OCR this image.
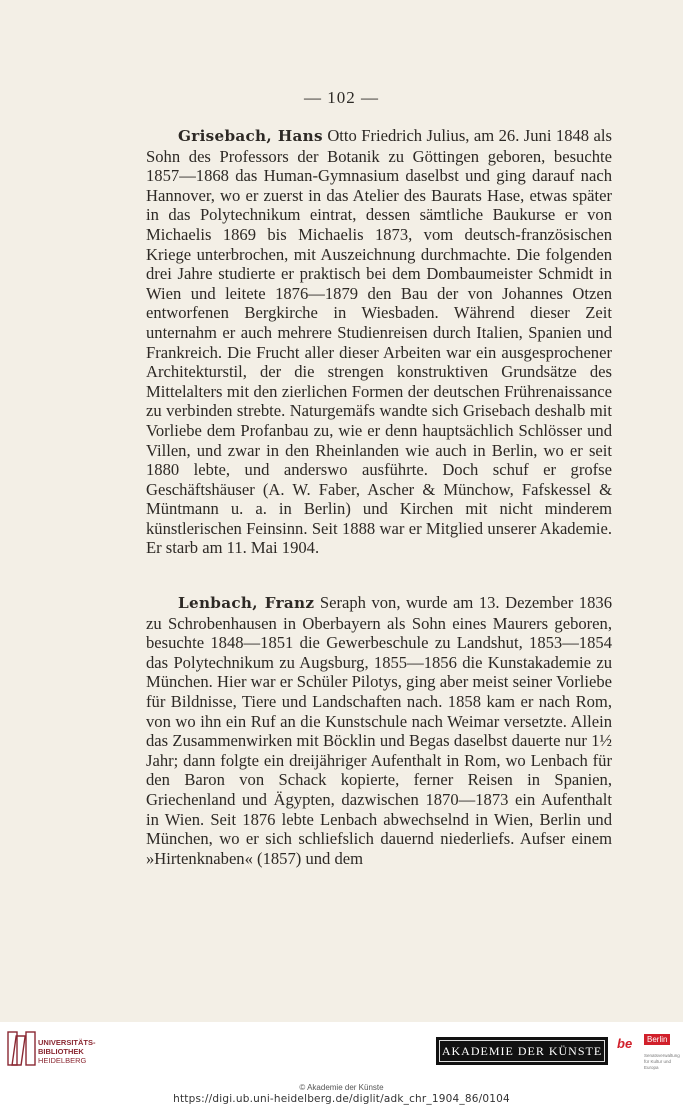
— 102 —

Grisebach, Hans Otto Friedrich Julius, am 26. Juni 1848 als Sohn des Professors der Botanik zu Göttingen geboren, besuchte 1857—1868 das Human-Gymnasium daselbst und ging darauf nach Hannover, wo er zuerst in das Atelier des Baurats Hase, etwas später in das Polytechnikum eintrat, dessen sämtliche Baukurse er von Michaelis 1869 bis Michaelis 1873, vom deutsch-französischen Kriege unterbrochen, mit Auszeichnung durchmachte. Die folgenden drei Jahre studierte er praktisch bei dem Dombaumeister Schmidt in Wien und leitete 1876—1879 den Bau der von Johannes Otzen entworfenen Bergkirche in Wiesbaden. Während dieser Zeit unternahm er auch mehrere Studienreisen durch Italien, Spanien und Frankreich. Die Frucht aller dieser Arbeiten war ein ausgesprochener Architekturstil, der die strengen konstruktiven Grundsätze des Mittelalters mit den zierlichen Formen der deutschen Frührenaissance zu verbinden strebte. Naturgemäfs wandte sich Grisebach deshalb mit Vorliebe dem Profanbau zu, wie er denn hauptsächlich Schlösser und Villen, und zwar in den Rheinlanden wie auch in Berlin, wo er seit 1880 lebte, und anderswo ausführte. Doch schuf er grofse Geschäftshäuser (A. W. Faber, Ascher & Münchow, Fafskessel & Müntmann u. a. in Berlin) und Kirchen mit nicht minderem künstlerischen Feinsinn. Seit 1888 war er Mitglied unserer Akademie. Er starb am 11. Mai 1904.

Lenbach, Franz Seraph von, wurde am 13. Dezember 1836 zu Schrobenhausen in Oberbayern als Sohn eines Maurers geboren, besuchte 1848—1851 die Gewerbeschule zu Landshut, 1853—1854 das Polytechnikum zu Augsburg, 1855—1856 die Kunstakademie zu München. Hier war er Schüler Pilotys, ging aber meist seiner Vorliebe für Bildnisse, Tiere und Landschaften nach. 1858 kam er nach Rom, von wo ihn ein Ruf an die Kunstschule nach Weimar versetzte. Allein das Zusammenwirken mit Böcklin und Begas daselbst dauerte nur 1½ Jahr; dann folgte ein dreijähriger Aufenthalt in Rom, wo Lenbach für den Baron von Schack kopierte, ferner Reisen in Spanien, Griechenland und Ägypten, dazwischen 1870—1873 ein Aufenthalt in Wien. Seit 1876 lebte Lenbach abwechselnd in Wien, Berlin und München, wo er sich schliefslich dauernd niederliefs. Aufser einem »Hirtenknaben« (1857) und dem

UNIVERSITÄTS-
BIBLIOTHEK
HEIDELBERG
AKADEMIE DER KÜNSTE be	Berlin
Senatsverwaltung für Kultur und Europa
© Akademie der Künste
https://digi.ub.uni-heidelberg.de/diglit/adk_chr_1904_86/0104
